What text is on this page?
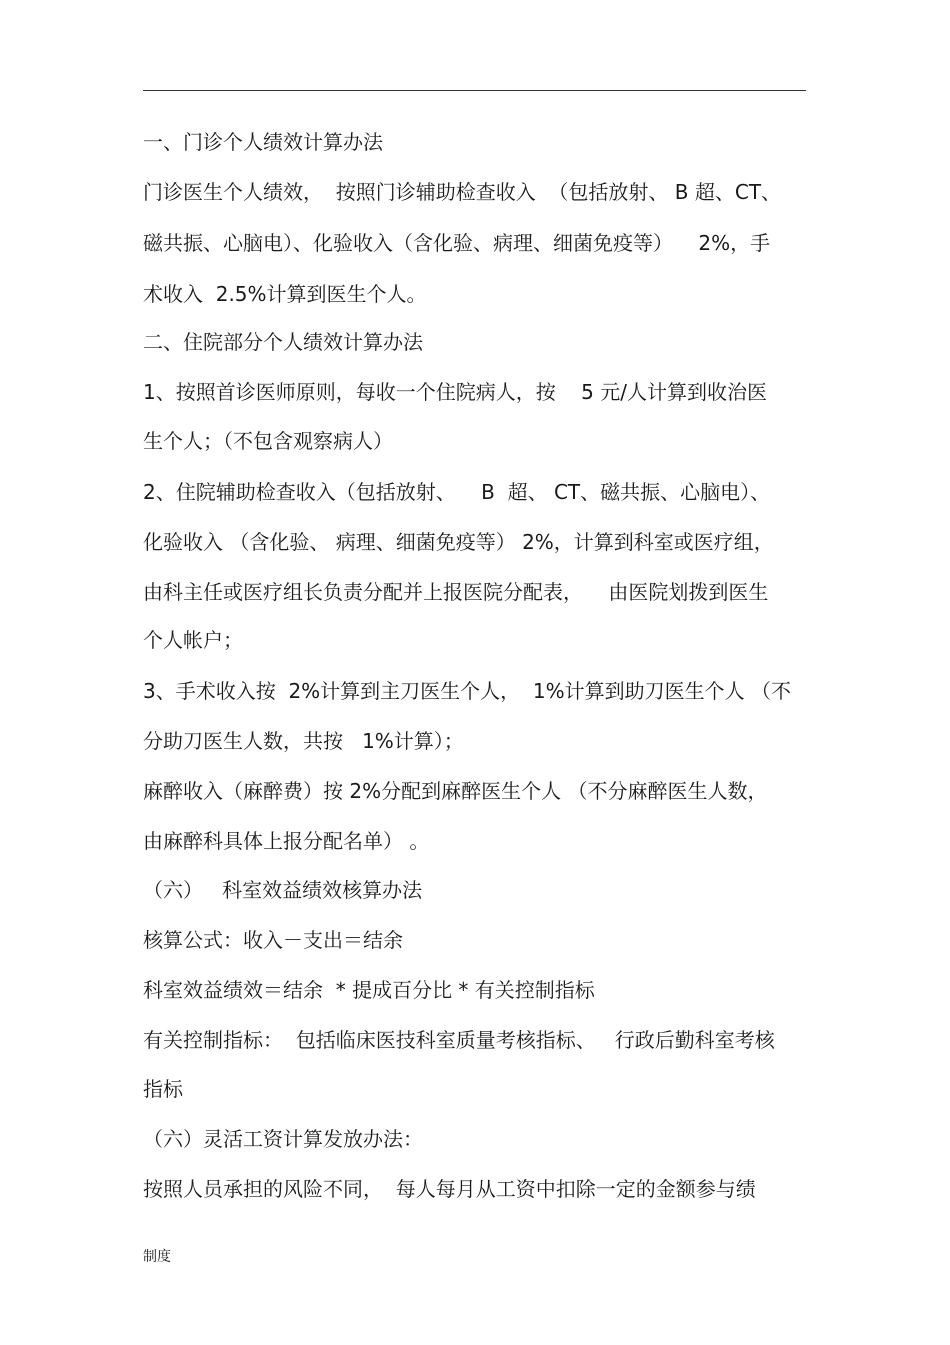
一、门诊个人绩效计算办法
门诊医生个人绩效，  按照门诊辅助检查收入  （包括放射、 B 超、CT、
磁共振、心脑电）、化验收入（含化验、病理、细菌免疫等）    2%，手
术收入  2.5%计算到医生个人。
二、住院部分个人绩效计算办法
1、按照首诊医师原则，每收一个住院病人，按    5 元/人计算到收治医
生个人；（不包含观察病人）
2、住院辅助检查收入（包括放射、    B  超、 CT、磁共振、心脑电）、
化验收入 （含化验、 病理、细菌免疫等） 2%，计算到科室或医疗组，
由科主任或医疗组长负责分配并上报医院分配表，    由医院划拨到医生
个人帐户；
3、手术收入按  2%计算到主刀医生个人，  1%计算到助刀医生个人 （不
分助刀医生人数，共按   1%计算）；
麻醉收入（麻醉费）按 2%分配到麻醉医生个人 （不分麻醉医生人数，
由麻醉科具体上报分配名单） 。
（六）   科室效益绩效核算办法
核算公式：收入－支出＝结余
科室效益绩效＝结余  * 提成百分比 * 有关控制指标
有关控制指标：  包括临床医技科室质量考核指标、   行政后勤科室考核
指标
（六）灵活工资计算发放办法：
按照人员承担的风险不同，  每人每月从工资中扣除一定的金额参与绩
制度
